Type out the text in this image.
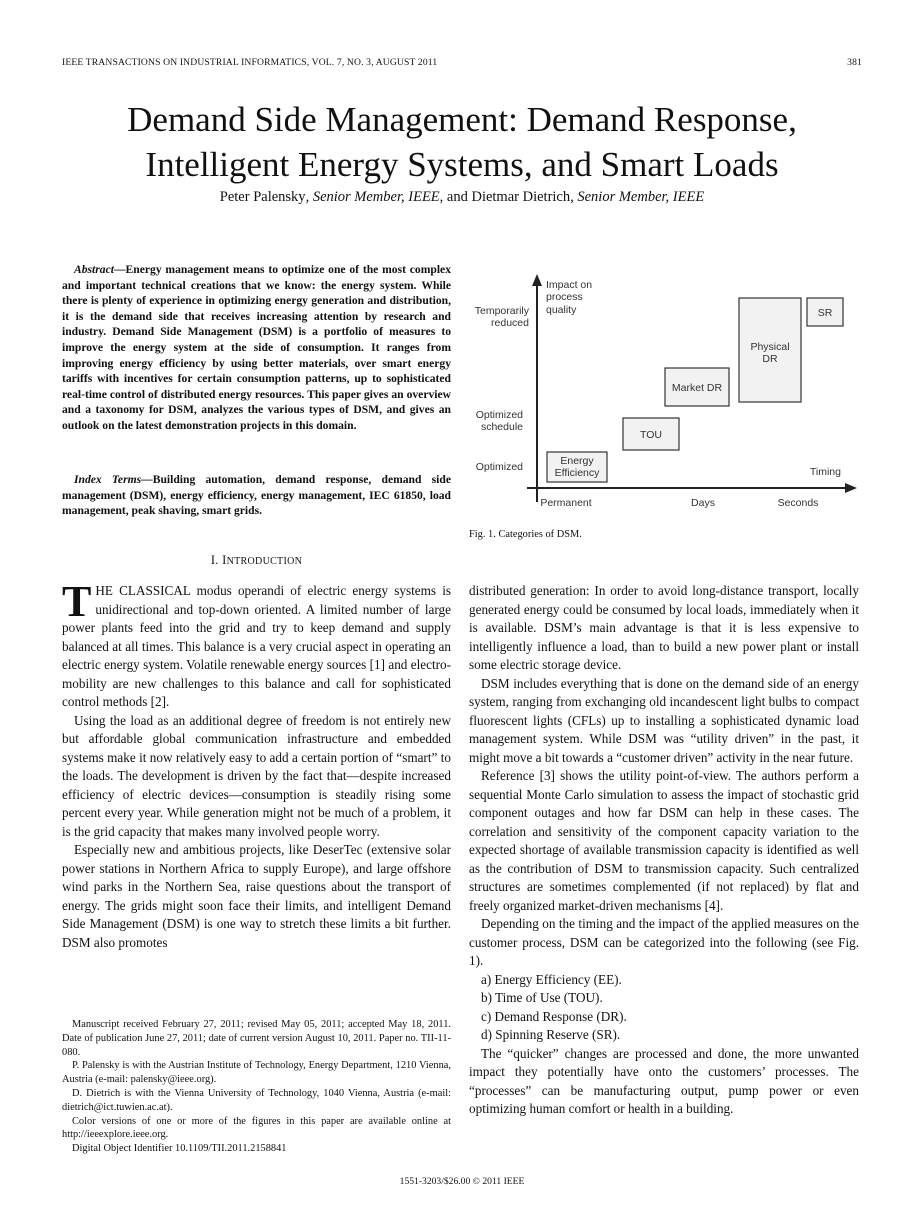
IEEE TRANSACTIONS ON INDUSTRIAL INFORMATICS, VOL. 7, NO. 3, AUGUST 2011	381
Demand Side Management: Demand Response,
Intelligent Energy Systems, and Smart Loads
Peter Palensky, Senior Member, IEEE, and Dietmar Dietrich, Senior Member, IEEE

Abstract—Energy management means to optimize one of the most complex and important technical creations that we know: the energy system. While there is plenty of experience in optimizing energy generation and distribution, it is the demand side that receives increasing attention by research and industry. Demand Side Management (DSM) is a portfolio of measures to improve the energy system at the side of consumption. It ranges from improving energy efficiency by using better materials, over smart energy tariffs with incentives for certain consumption patterns, up to sophisticated real-time control of distributed energy resources. This paper gives an overview and a taxonomy for DSM, analyzes the various types of DSM, and gives an outlook on the latest demonstration projects in this domain.

Index Terms—Building automation, demand response, demand side management (DSM), energy efficiency, energy management, IEC 61850, load management, peak shaving, smart grids.

I. INTRODUCTION

THE CLASSICAL modus operandi of electric energy systems is unidirectional and top-down oriented. A limited number of large power plants feed into the grid and try to keep demand and supply balanced at all times. This balance is a very crucial aspect in operating an electric energy system. Volatile renewable energy sources [1] and electro-mobility are new challenges to this balance and call for sophisticated control methods [2].

Using the load as an additional degree of freedom is not entirely new but affordable global communication infrastructure and embedded systems make it now relatively easy to add a certain portion of “smart” to the loads. The development is driven by the fact that—despite increased efficiency of electric devices—consumption is steadily rising some percent every year. While generation might not be much of a problem, it is the grid capacity that makes many involved people worry.

Especially new and ambitious projects, like DeserTec (extensive solar power stations in Northern Africa to supply Europe), and large offshore wind parks in the Northern Sea, raise questions about the transport of energy. The grids might soon face their limits, and intelligent Demand Side Management (DSM) is one way to stretch these limits a bit further. DSM also promotes

Manuscript received February 27, 2011; revised May 05, 2011; accepted May 18, 2011. Date of publication June 27, 2011; date of current version August 10, 2011. Paper no. TII-11-080.

P. Palensky is with the Austrian Institute of Technology, Energy Department, 1210 Vienna, Austria (e-mail: palensky@ieee.org).

D. Dietrich is with the Vienna University of Technology, 1040 Vienna, Austria (e-mail: dietrich@ict.tuwien.ac.at).

Color versions of one or more of the figures in this paper are available online at http://ieeexplore.ieee.org.

Digital Object Identifier 10.1109/TII.2011.2158841

Impact on
process
quality
Temporarily
reduced
Optimized
schedule
Optimized	Timing
Permanent	Days	Seconds
Energy
Efficiency
TOU
Market DR
Physical
DR
SR
Fig. 1. Categories of DSM.

distributed generation: In order to avoid long-distance transport, locally generated energy could be consumed by local loads, immediately when it is available. DSM’s main advantage is that it is less expensive to intelligently influence a load, than to build a new power plant or install some electric storage device.

DSM includes everything that is done on the demand side of an energy system, ranging from exchanging old incandescent light bulbs to compact fluorescent lights (CFLs) up to installing a sophisticated dynamic load management system. While DSM was “utility driven” in the past, it might move a bit towards a “customer driven” activity in the near future.

Reference [3] shows the utility point-of-view. The authors perform a sequential Monte Carlo simulation to assess the impact of stochastic grid component outages and how far DSM can help in these cases. The correlation and sensitivity of the component capacity variation to the expected shortage of available transmission capacity is identified as well as the contribution of DSM to transmission capacity. Such centralized structures are sometimes complemented (if not replaced) by flat and freely organized market-driven mechanisms [4].

Depending on the timing and the impact of the applied measures on the customer process, DSM can be categorized into the following (see Fig. 1).

a) Energy Efficiency (EE).
b) Time of Use (TOU).
c) Demand Response (DR).
d) Spinning Reserve (SR).

The “quicker” changes are processed and done, the more unwanted impact they potentially have onto the customers’ processes. The “processes” can be manufacturing output, pump power or even optimizing human comfort or health in a building.

1551-3203/$26.00 © 2011 IEEE
